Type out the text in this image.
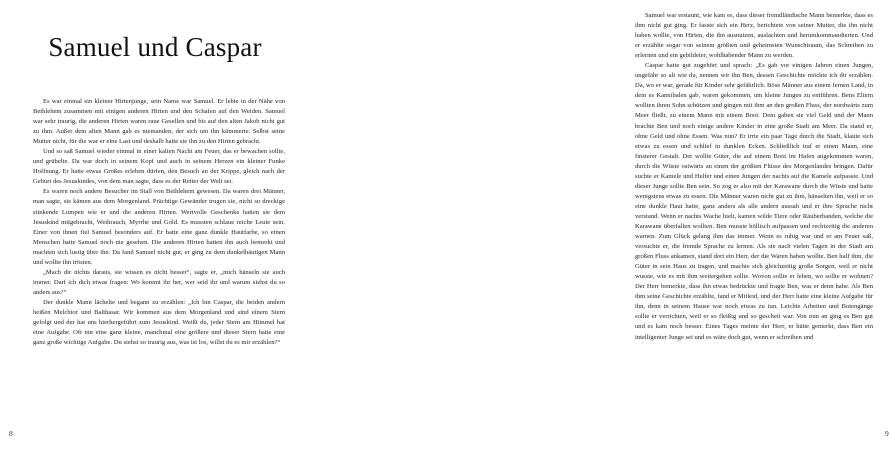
Samuel und Caspar

Es war einmal ein kleiner Hirtenjunge, sein Name war Samuel. Er lebte in der Nähe von Bethlehem zusammen mit einigen anderen Hirten und den Schafen auf den Weiden. Samuel war sehr traurig, die anderen Hirten waren raue Gesellen und bis auf den alten Jakob nicht gut zu ihm. Außer dem alten Mann gab es niemanden, der sich um ihn kümmerte. Selbst seine Mutter nicht, für die war er eine Last und deshalb hatte sie ihn zu den Hirten gebracht.

Und so saß Samuel wieder einmal in einer kalten Nacht am Feuer, das er bewachen sollte, und grübelte. Da war doch in seinem Kopf und auch in seinem Herzen ein kleiner Funke Hoffnung. Er hatte etwas Großes erleben dürfen, den Besuch an der Krippe, gleich nach der Geburt des Jesuskindes, von dem man sagte, dass es der Retter der Welt sei.

Es waren noch andere Besucher im Stall von Bethlehem gewesen. Da waren drei Männer, man sagte, sie kämen aus dem Morgenland. Prächtige Gewänder trugen sie, nicht so dreckige stinkende Lumpen wie er und die anderen Hirten. Wertvolle Geschenke hatten sie dem Jesuskind mitgebracht, Weihrauch, Myrrhe und Gold. Es mussten schlaue reiche Leute sein. Einer von ihnen fiel Samuel besonders auf. Er hatte eine ganz dunkle Hautfarbe, so einen Menschen hatte Samuel noch nie gesehen. Die anderen Hirten hatten ihn auch bemerkt und machten sich lustig über ihn. Da fand Samuel nicht gut, er ging zu dem dunkelhäutigen Mann und wollte ihn trösten.

„Mach dir nichts daraus, sie wissen es nicht besser“, sagte er, „mich hänseln sie auch immer. Darf ich dich etwas fragen: Wo kommt ihr her, wer seid ihr und warum siehst du so anders aus?“

Der dunkle Mann lächelte und begann zu erzählen: „Ich bin Caspar, die beiden andern heißen Melchior und Balthasar. Wir kommen aus dem Morgenland und sind einem Stern gefolgt und der hat uns hierhergeführt zum Jesuskind. Weißt du, jeder Stern am Himmel hat eine Aufgabe. Oft nur eine ganz kleine, manchmal eine größere und dieser Stern hatte eine ganz große wichtige Aufgabe. Du siehst so traurig aus, was ist los, willst du es mir erzählen?“

8

Samuel war erstaunt, wie kam es, dass dieser fremdländische Mann bemerkte, dass es ihm nicht gut ging. Er fasste sich ein Herz, berichtete von seiner Mutter, die ihn nicht haben wollte, von Hirten, die ihn ausnutzen, auslachten und herumkommandierten. Und er erzählte sogar von seinem größten und geheimsten Wunschtraum, das Schreiben zu erlernen und ein gebildeter, wohlhabender Mann zu werden.

Caspar hatte gut zugehört und sprach: „Es gab vor einigen Jahren einen Jungen, ungefähr so alt wie du, nennen wir ihn Ben, dessen Geschichte möchte ich dir erzählen. Da, wo er war, gerade für Kinder sehr gefährlich. Böse Männer aus einem fernen Land, in dem es Kannibalen gab, waren gekommen, um kleine Jungen zu entführen. Bens Eltern wollten ihren Sohn schützen und gingen mit ihm an den großen Fluss, der nordwärts zum Meer fließt, zu einem Mann mit einem Boot. Dem gaben sie viel Geld und der Mann brachte Ben und noch einige andere Kinder in eine große Stadt am Meer. Da stand er, ohne Geld und ohne Essen. Was nun? Er irrte ein paar Tage durch die Stadt, klaute sich etwas zu essen und schlief in dunklen Ecken. Schließlich traf er einen Mann, eine finsterer Gestalt. Der wollte Güter, die auf einem Boot im Hafen angekommen waren, durch die Wüste ostwärts an einen der größten Flüsse des Morgenlandes bringen. Dafür suchte er Kamele und Helfer und einen Jungen der nachts auf die Kamele aufpasste. Und dieser Junge sollte Ben sein. So zog er also mit der Karawane durch die Wüste und hatte wenigstens etwas zu essen. Die Männer waren nicht gut zu ihm, hänselten ihn, weil er so eine dunkle Haut hatte, ganz anders als alle andern aussah und er ihre Sprache nicht verstand. Wenn er nachts Wache hielt, kamen wilde Tiere oder Räuberbanden, welche die Karawane überfallen wollten. Ben musste höllisch aufpassen und rechtzeitig die anderen warnen. Zum Glück gelang ihm das immer. Wenn es ruhig war und er am Feuer saß, versuchte er, die fremde Sprache zu lernen. Als sie nach vielen Tagen in der Stadt am großen Fluss ankamen, stand dort ein Herr, der die Waren haben wollte. Ben half ihm, die Güter in sein Haus zu tragen, und machte sich gleichzeitig große Sorgen, weil er nicht wusste, wie es mit ihm weitergehen sollte. Wovon sollte er leben, wo sollte er wohnen? Der Herr bemerkte, dass ihn etwas bedrückte und fragte Ben, was er denn habe. Als Ben ihm seine Geschichte erzählte, fand er Mitleid, und der Herr hatte eine kleine Aufgabe für ihn, denn in seinem Hause war noch etwas zu tun. Leichte Arbeiten und Botengänge sollte er verrichten, weil er so fleißig und so gescheit war. Von nun an ging es Ben gut und es kam noch besser. Eines Tages meinte der Herr, er hätte gemerkt, dass Ben ein intelligenter Junge sei und es wäre doch gut, wenn er schreiben und

9
